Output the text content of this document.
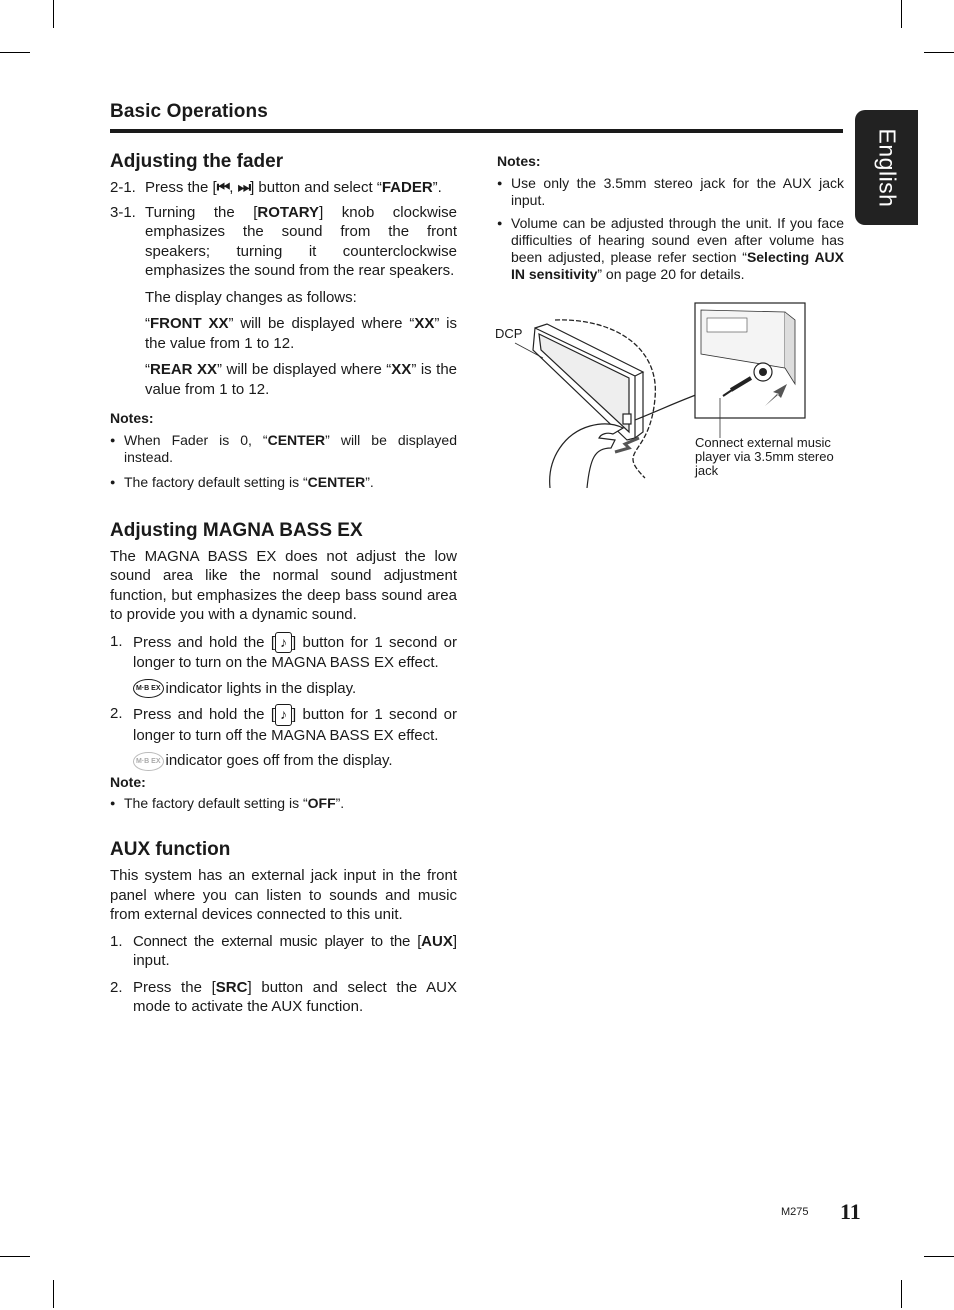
Basic Operations
English
Adjusting the fader
2-1. Press the [⏮, ⏭] button and select “FADER”.
3-1. Turning the [ROTARY] knob clockwise emphasizes the sound from the front speakers; turning it counterclockwise emphasizes the sound from the rear speakers.

The display changes as follows:

“FRONT XX” will be displayed where “XX” is the value from 1 to 12.

“REAR XX” will be displayed where “XX” is the value from 1 to 12.

Notes:
● When Fader is 0, “CENTER” will be displayed instead.
● The factory default setting is “CENTER”.
Adjusting MAGNA BASS EX

The MAGNA BASS EX does not adjust the low sound area like the normal sound adjustment function, but emphasizes the deep bass sound area to provide you with a dynamic sound.

1. Press and hold the [ ♪ ] button for 1 second or longer to turn on the MAGNA BASS EX effect.

M·B EX indicator lights in the display.

2. Press and hold the [ ♪ ] button for 1 second or longer to turn off the MAGNA BASS EX effect.

M·B EX indicator goes off from the display.

Note:
● The factory default setting is “OFF”.
AUX function

This system has an external jack input in the front panel where you can listen to sounds and music from external devices connected to this unit.

1. Connect the external music player to the [AUX] input.
2. Press the [SRC] button and select the AUX mode to activate the AUX function.
Notes:
● Use only the 3.5mm stereo jack for the AUX jack input.
● Volume can be adjusted through the unit. If you face difficulties of hearing sound even after volume has been adjusted, please refer section “Selecting AUX IN sensitivity” on page 20 for details.
DCP
Connect external music player via 3.5mm stereo jack
M275 11
